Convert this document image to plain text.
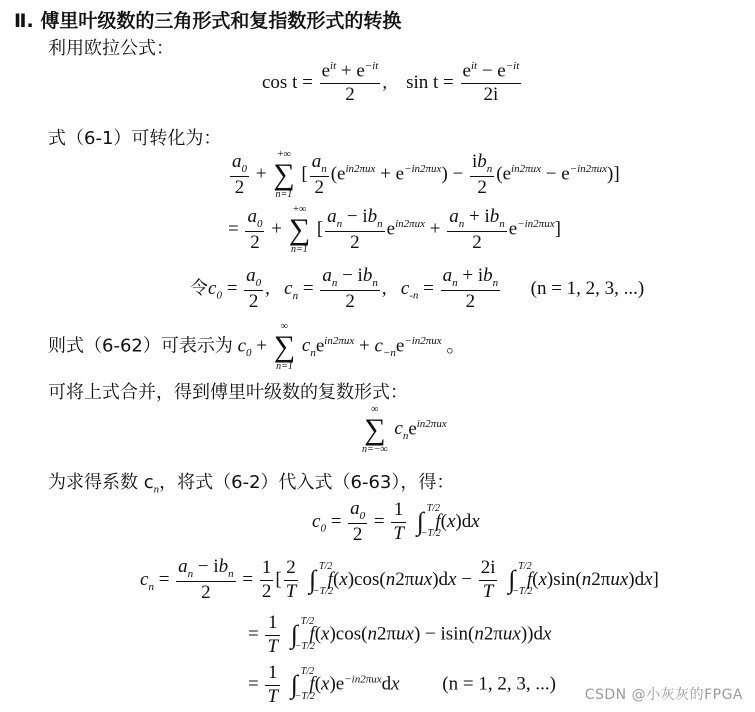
Ⅱ. 傅里叶级数的三角形式和复指数形式的转换
利用欧拉公式：
$\cos t = \frac{e^{it} + e^{-it}}{2}$ ,    $\sin t = \frac{e^{it} - e^{-it}}{2i}$
式（6-1）可转化为：
$\frac{a_0}{2}$ +
+∞
∑
n=1
[ $\frac{a_n}{2} (e^{in2\pi ux} + e^{-in2\pi ux}) - \frac{ib_n}{2} (e^{in2\pi ux} - e^{-in2\pi ux})$]
= $\frac{a_0}{2}$ +
+∞
∑
n=1
[ $\frac{a_n - ib_n}{2} e^{in2\pi ux} + \frac{a_n + ib_n}{2} e^{-in2\pi ux}$]
令$c_0 = \frac{a_0}{2}$ ,   $c_n = \frac{a_n - ib_n}{2}$ ,   $c_{-n} = \frac{a_n + ib_n}{2} (n = 1$, 2, 3, ...)
则式（6-62）可表示为 $c_0$ +
∞
∑
n=1
$c_ne^{in2\pi ux} + c_{-n}e^{-in2\pi ux}$ 。
可将上式合并，得到傅里叶级数的复数形式：
∞
∑
n=−∞
$c_ne^{in2\pi ux}$
为求得系数 $c_n$，将式（6-2）代入式（6-63），得：
$c_0 = \frac{a_0}{2} = \frac{1}{T}$ ∫ T/2
−T/2
f(x)dx
$c_n = \frac{a_n - ib_n}{2} = \frac{1}{2}$ [ $\frac{2}{T}$ ∫ T/2
−T/2
$f(x)\cos(n2\pi ux)dx - \frac{2i}{T}$ ∫ T/2
−T/2
f(x)sin(n2πux)dx]
= $\frac{1}{T}$ ∫ T/2
−T/2
f(x)cos(n2πux) − isin(n2πux))dx
= $\frac{1}{T}$ ∫ T/2
−T/2
$f(x)e^{-in2\pi ux}dx$ (n = 1, 2, 3, ...)
CSDN @小灰灰的FPGA
